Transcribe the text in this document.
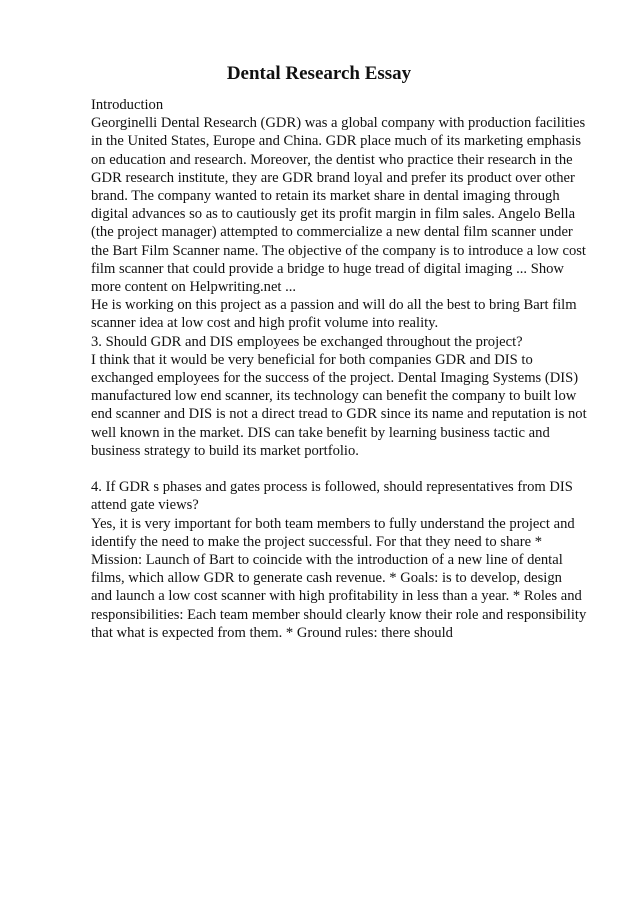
Dental Research Essay
Introduction
Georginelli Dental Research (GDR) was a global company with production facilities
in the United States, Europe and China. GDR place much of its marketing emphasis
on education and research. Moreover, the dentist who practice their research in the
GDR research institute, they are GDR brand loyal and prefer its product over other
brand. The company wanted to retain its market share in dental imaging through
digital advances so as to cautiously get its profit margin in film sales. Angelo Bella
(the project manager) attempted to commercialize a new dental film scanner under
the Bart Film Scanner name. The objective of the company is to introduce a low cost
film scanner that could provide a bridge to huge tread of digital imaging ... Show
more content on Helpwriting.net ...
He is working on this project as a passion and will do all the best to bring Bart film
scanner idea at low cost and high profit volume into reality.
3. Should GDR and DIS employees be exchanged throughout the project?
I think that it would be very beneficial for both companies GDR and DIS to
exchanged employees for the success of the project. Dental Imaging Systems (DIS)
manufactured low end scanner, its technology can benefit the company to built low
end scanner and DIS is not a direct tread to GDR since its name and reputation is not
well known in the market. DIS can take benefit by learning business tactic and
business strategy to build its market portfolio.
4. If GDR s phases and gates process is followed, should representatives from DIS
attend gate views?
Yes, it is very important for both team members to fully understand the project and
identify the need to make the project successful. For that they need to share *
Mission: Launch of Bart to coincide with the introduction of a new line of dental
films, which allow GDR to generate cash revenue. * Goals: is to develop, design
and launch a low cost scanner with high profitability in less than a year. * Roles and
responsibilities: Each team member should clearly know their role and responsibility
that what is expected from them. * Ground rules: there should
